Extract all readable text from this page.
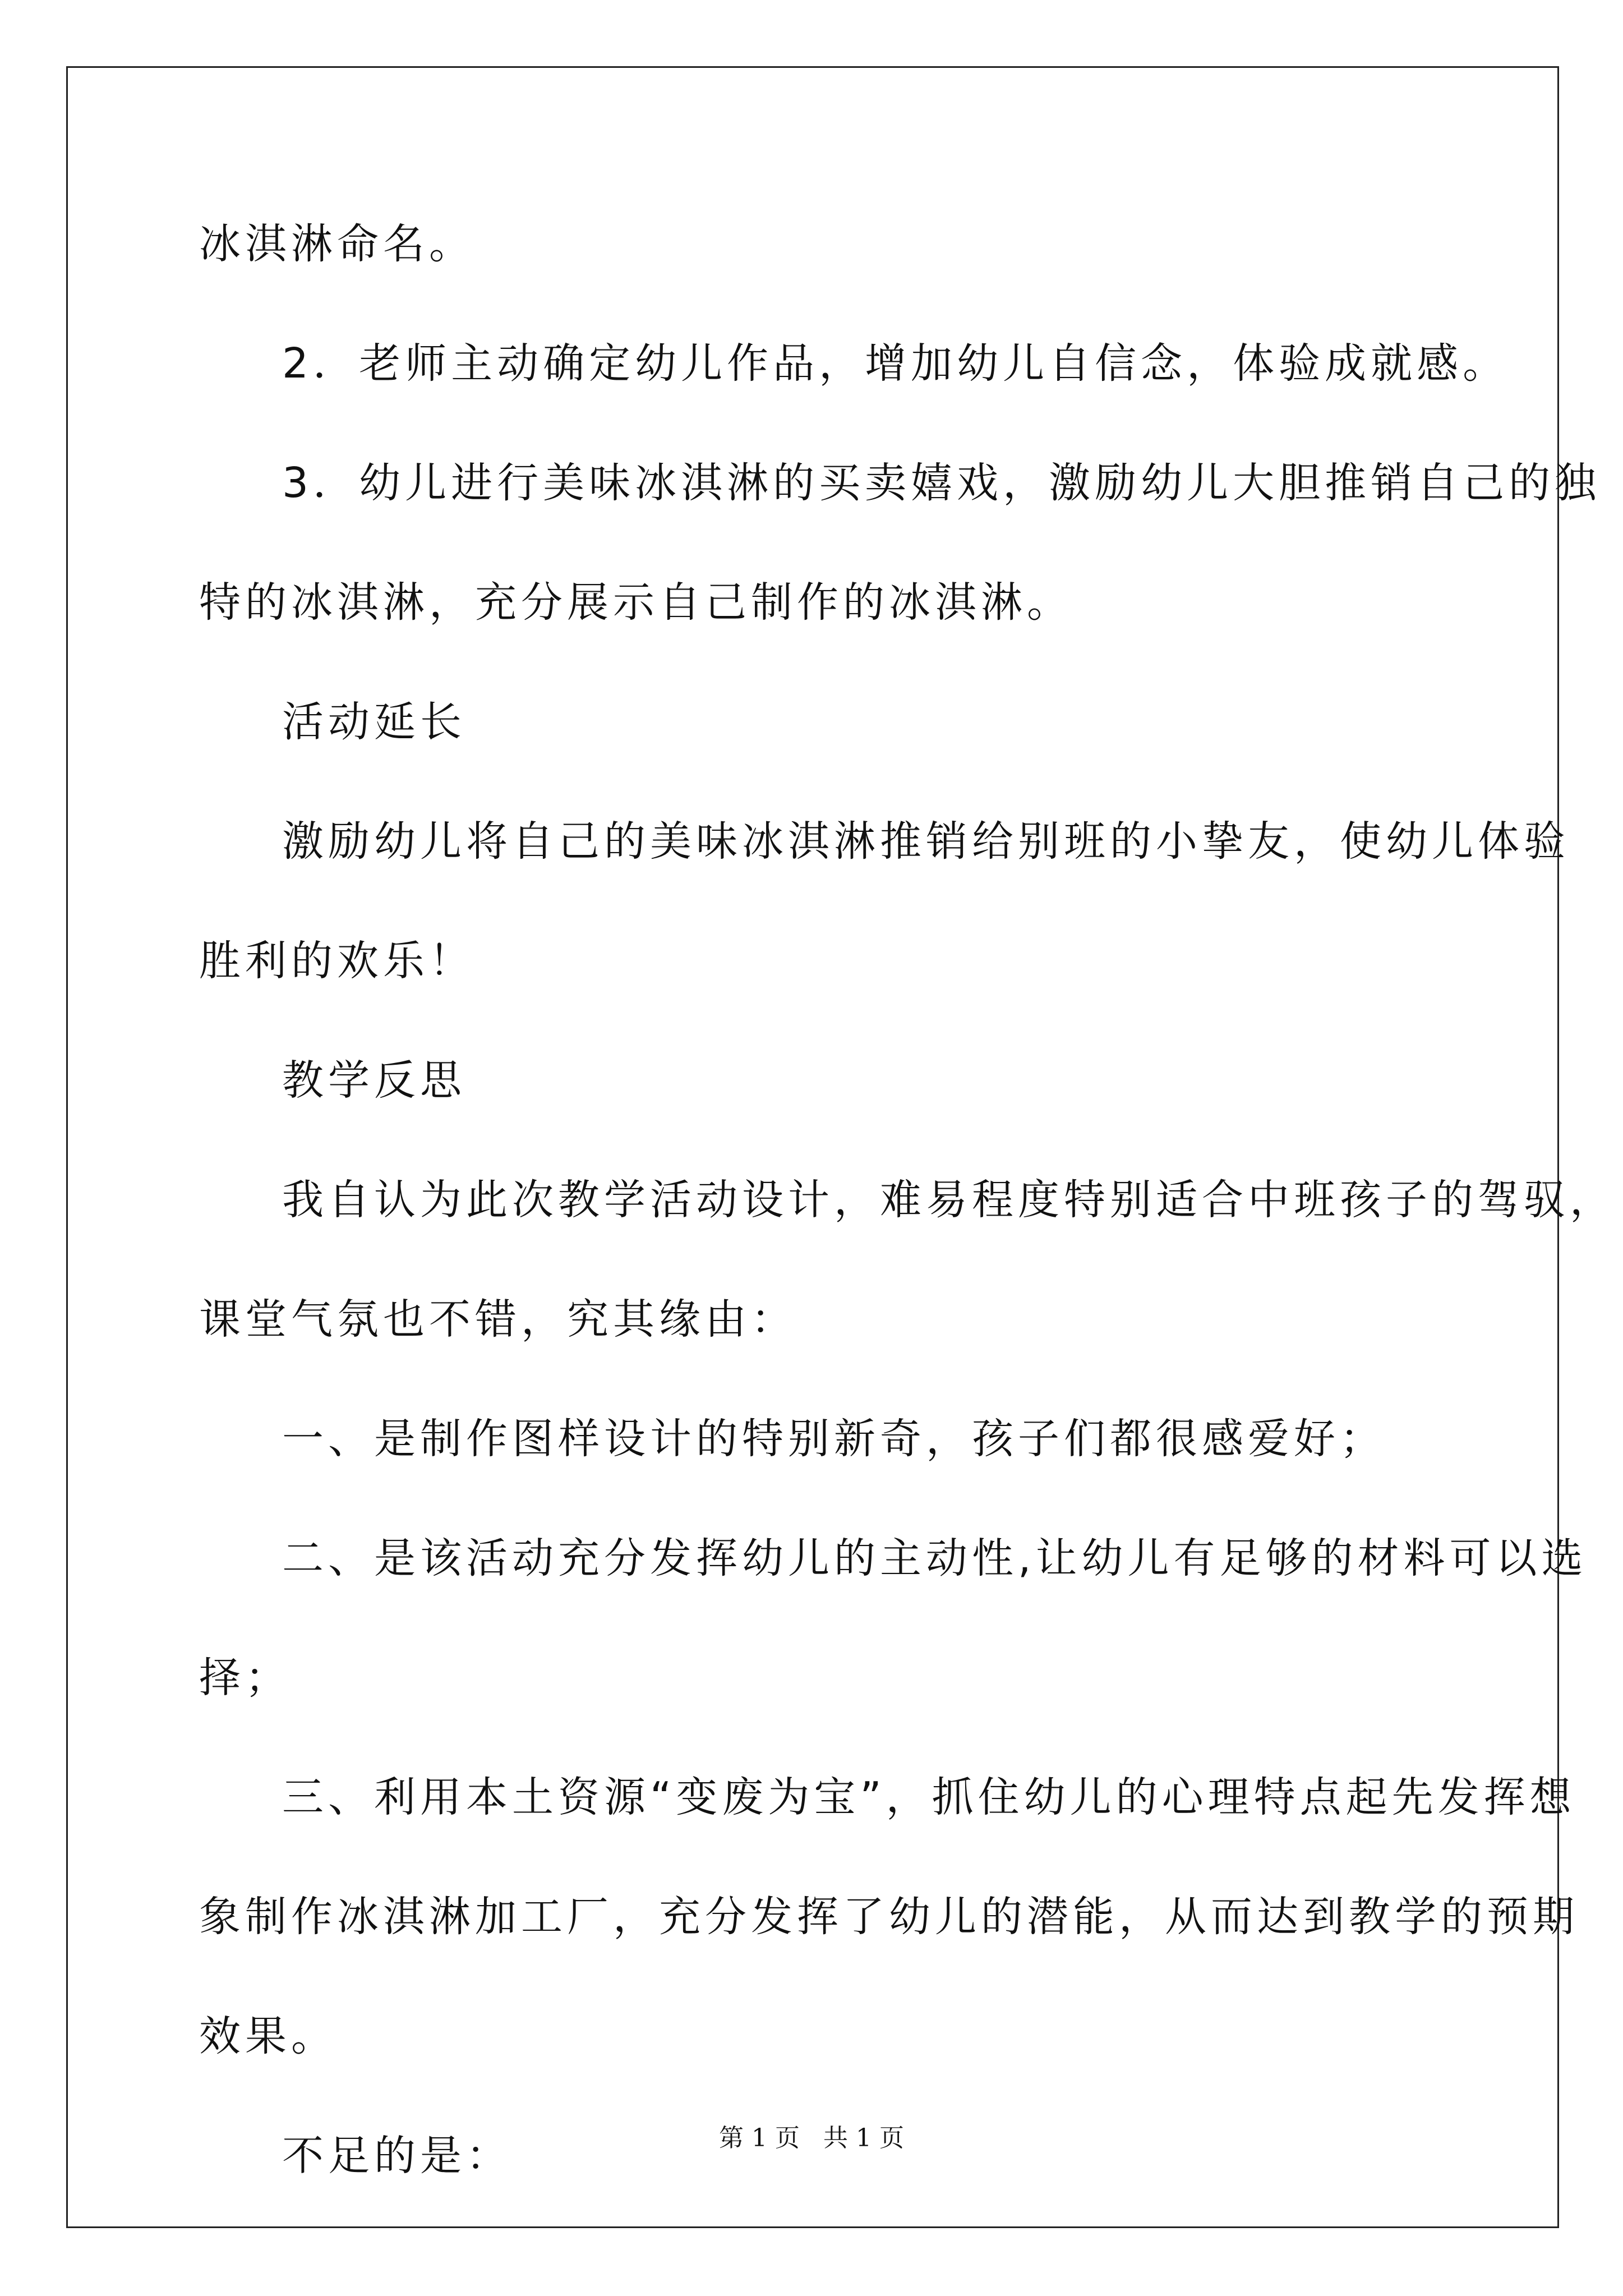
冰淇淋命名。
2．老师主动确定幼儿作品，增加幼儿自信念，体验成就感。
3．幼儿进行美味冰淇淋的买卖嬉戏，激励幼儿大胆推销自己的独
特的冰淇淋，充分展示自己制作的冰淇淋。
活动延长
激励幼儿将自己的美味冰淇淋推销给别班的小挚友，使幼儿体验
胜利的欢乐！
教学反思
我自认为此次教学活动设计，难易程度特别适合中班孩子的驾驭，
课堂气氛也不错，究其缘由：
一、是制作图样设计的特别新奇，孩子们都很感爱好；
二、是该活动充分发挥幼儿的主动性,让幼儿有足够的材料可以选
择；
三、利用本土资源“变废为宝”，抓住幼儿的心理特点起先发挥想
象制作冰淇淋加工厂，充分发挥了幼儿的潜能，从而达到教学的预期
效果。
不足的是：	第 1 页   共 1 页
